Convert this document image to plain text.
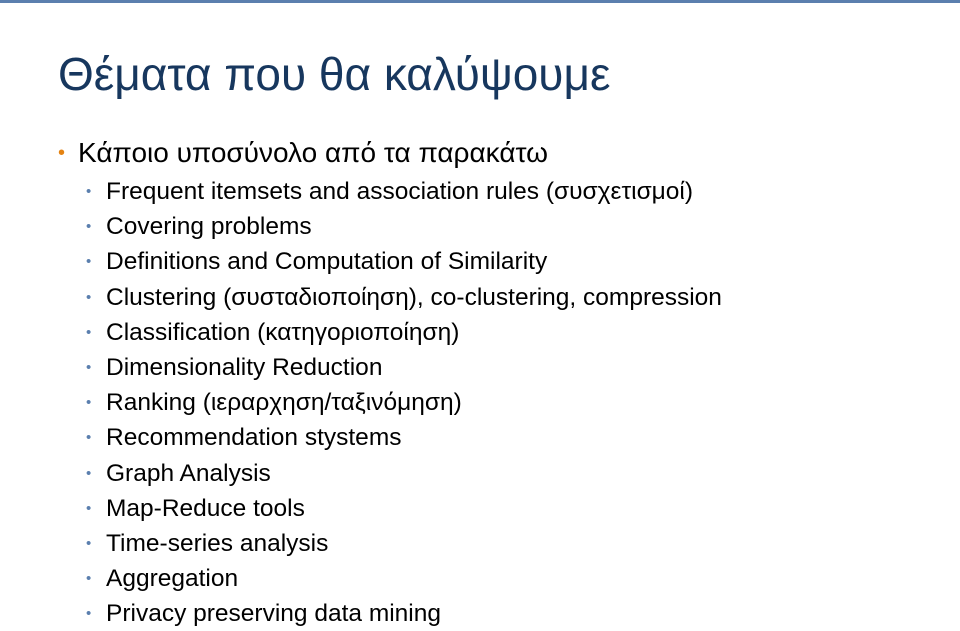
Θέματα που θα καλύψουμε
• Κάποιο υποσύνολο από τα παρακάτω
• Frequent itemsets and association rules (συσχετισμοί)
• Covering problems
• Definitions and Computation of Similarity
• Clustering (συσταδιοποίηση), co-clustering, compression
• Classification (κατηγοριοποίηση)
• Dimensionality Reduction
• Ranking (ιεραρχηση/ταξινόμηση)
• Recommendation stystems
• Graph Analysis
• Map-Reduce tools
• Time-series analysis
• Aggregation
• Privacy preserving data mining
